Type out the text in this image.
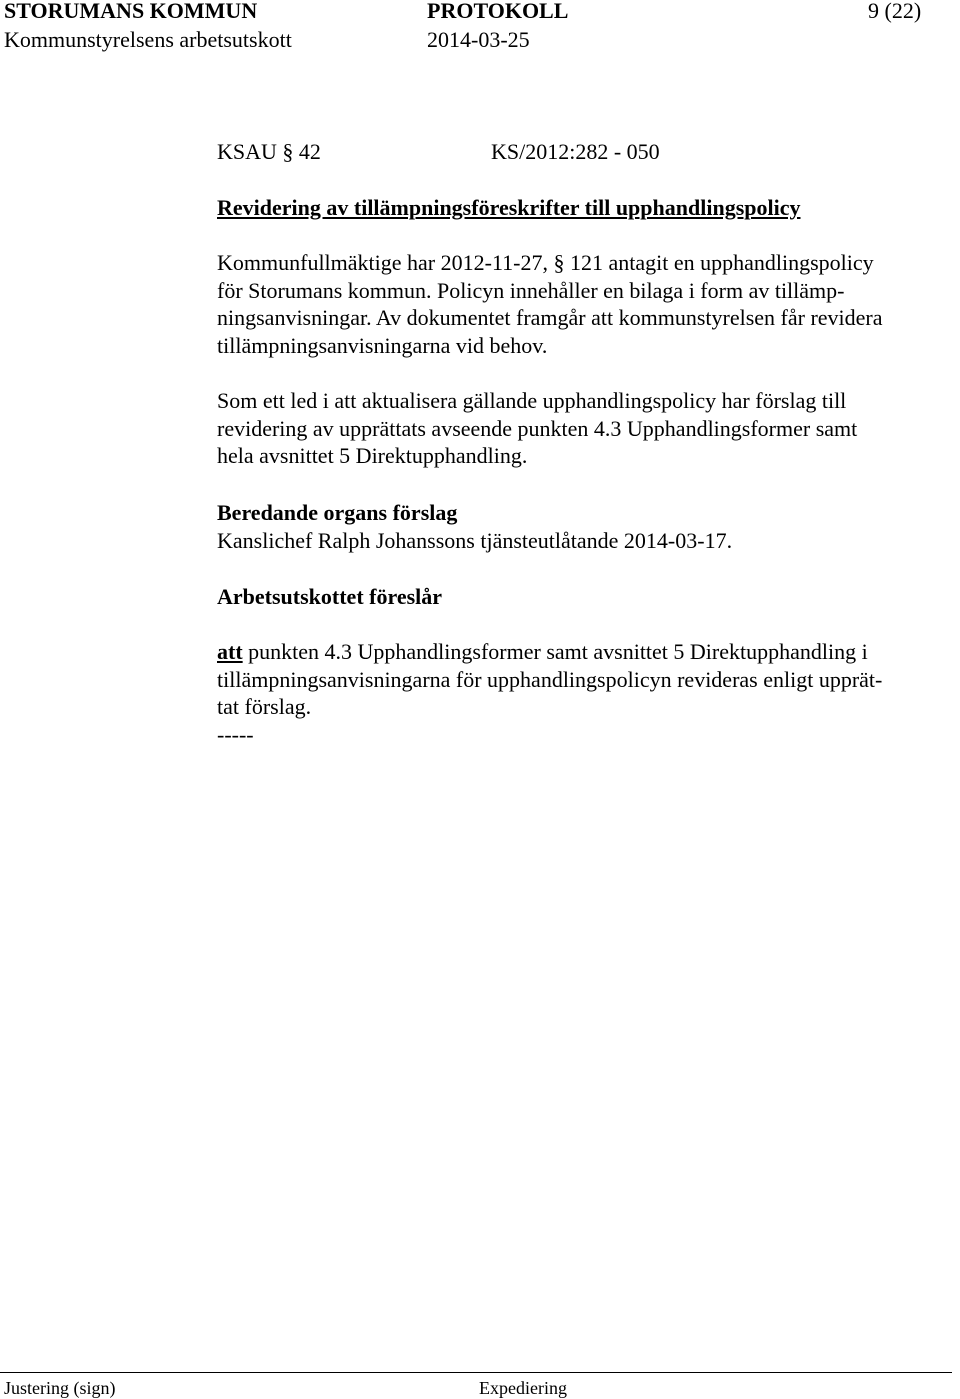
STORUMANS KOMMUN	PROTOKOLL	9 (22)
Kommunstyrelsens arbetsutskott	2014-03-25
KSAU § 42	KS/2012:282 - 050
Revidering av tillämpningsföreskrifter till upphandlingspolicy

Kommunfullmäktige har 2012-11-27, § 121 antagit en upphandlingspolicy

för Storumans kommun. Policyn innehåller en bilaga i form av tillämp-

ningsanvisningar. Av dokumentet framgår att kommunstyrelsen får revidera

tillämpningsanvisningarna vid behov.

Som ett led i att aktualisera gällande upphandlingspolicy har förslag till

revidering av upprättats avseende punkten 4.3 Upphandlingsformer samt

hela avsnittet 5 Direktupphandling.

Beredande organs förslag
Kanslichef Ralph Johanssons tjänsteutlåtande 2014-03-17.
Arbetsutskottet föreslår

att punkten 4.3 Upphandlingsformer samt avsnittet 5 Direktupphandling i

tillämpningsanvisningarna för upphandlingspolicyn revideras enligt upprät-

tat förslag.

-----

Justering (sign)	Expediering
